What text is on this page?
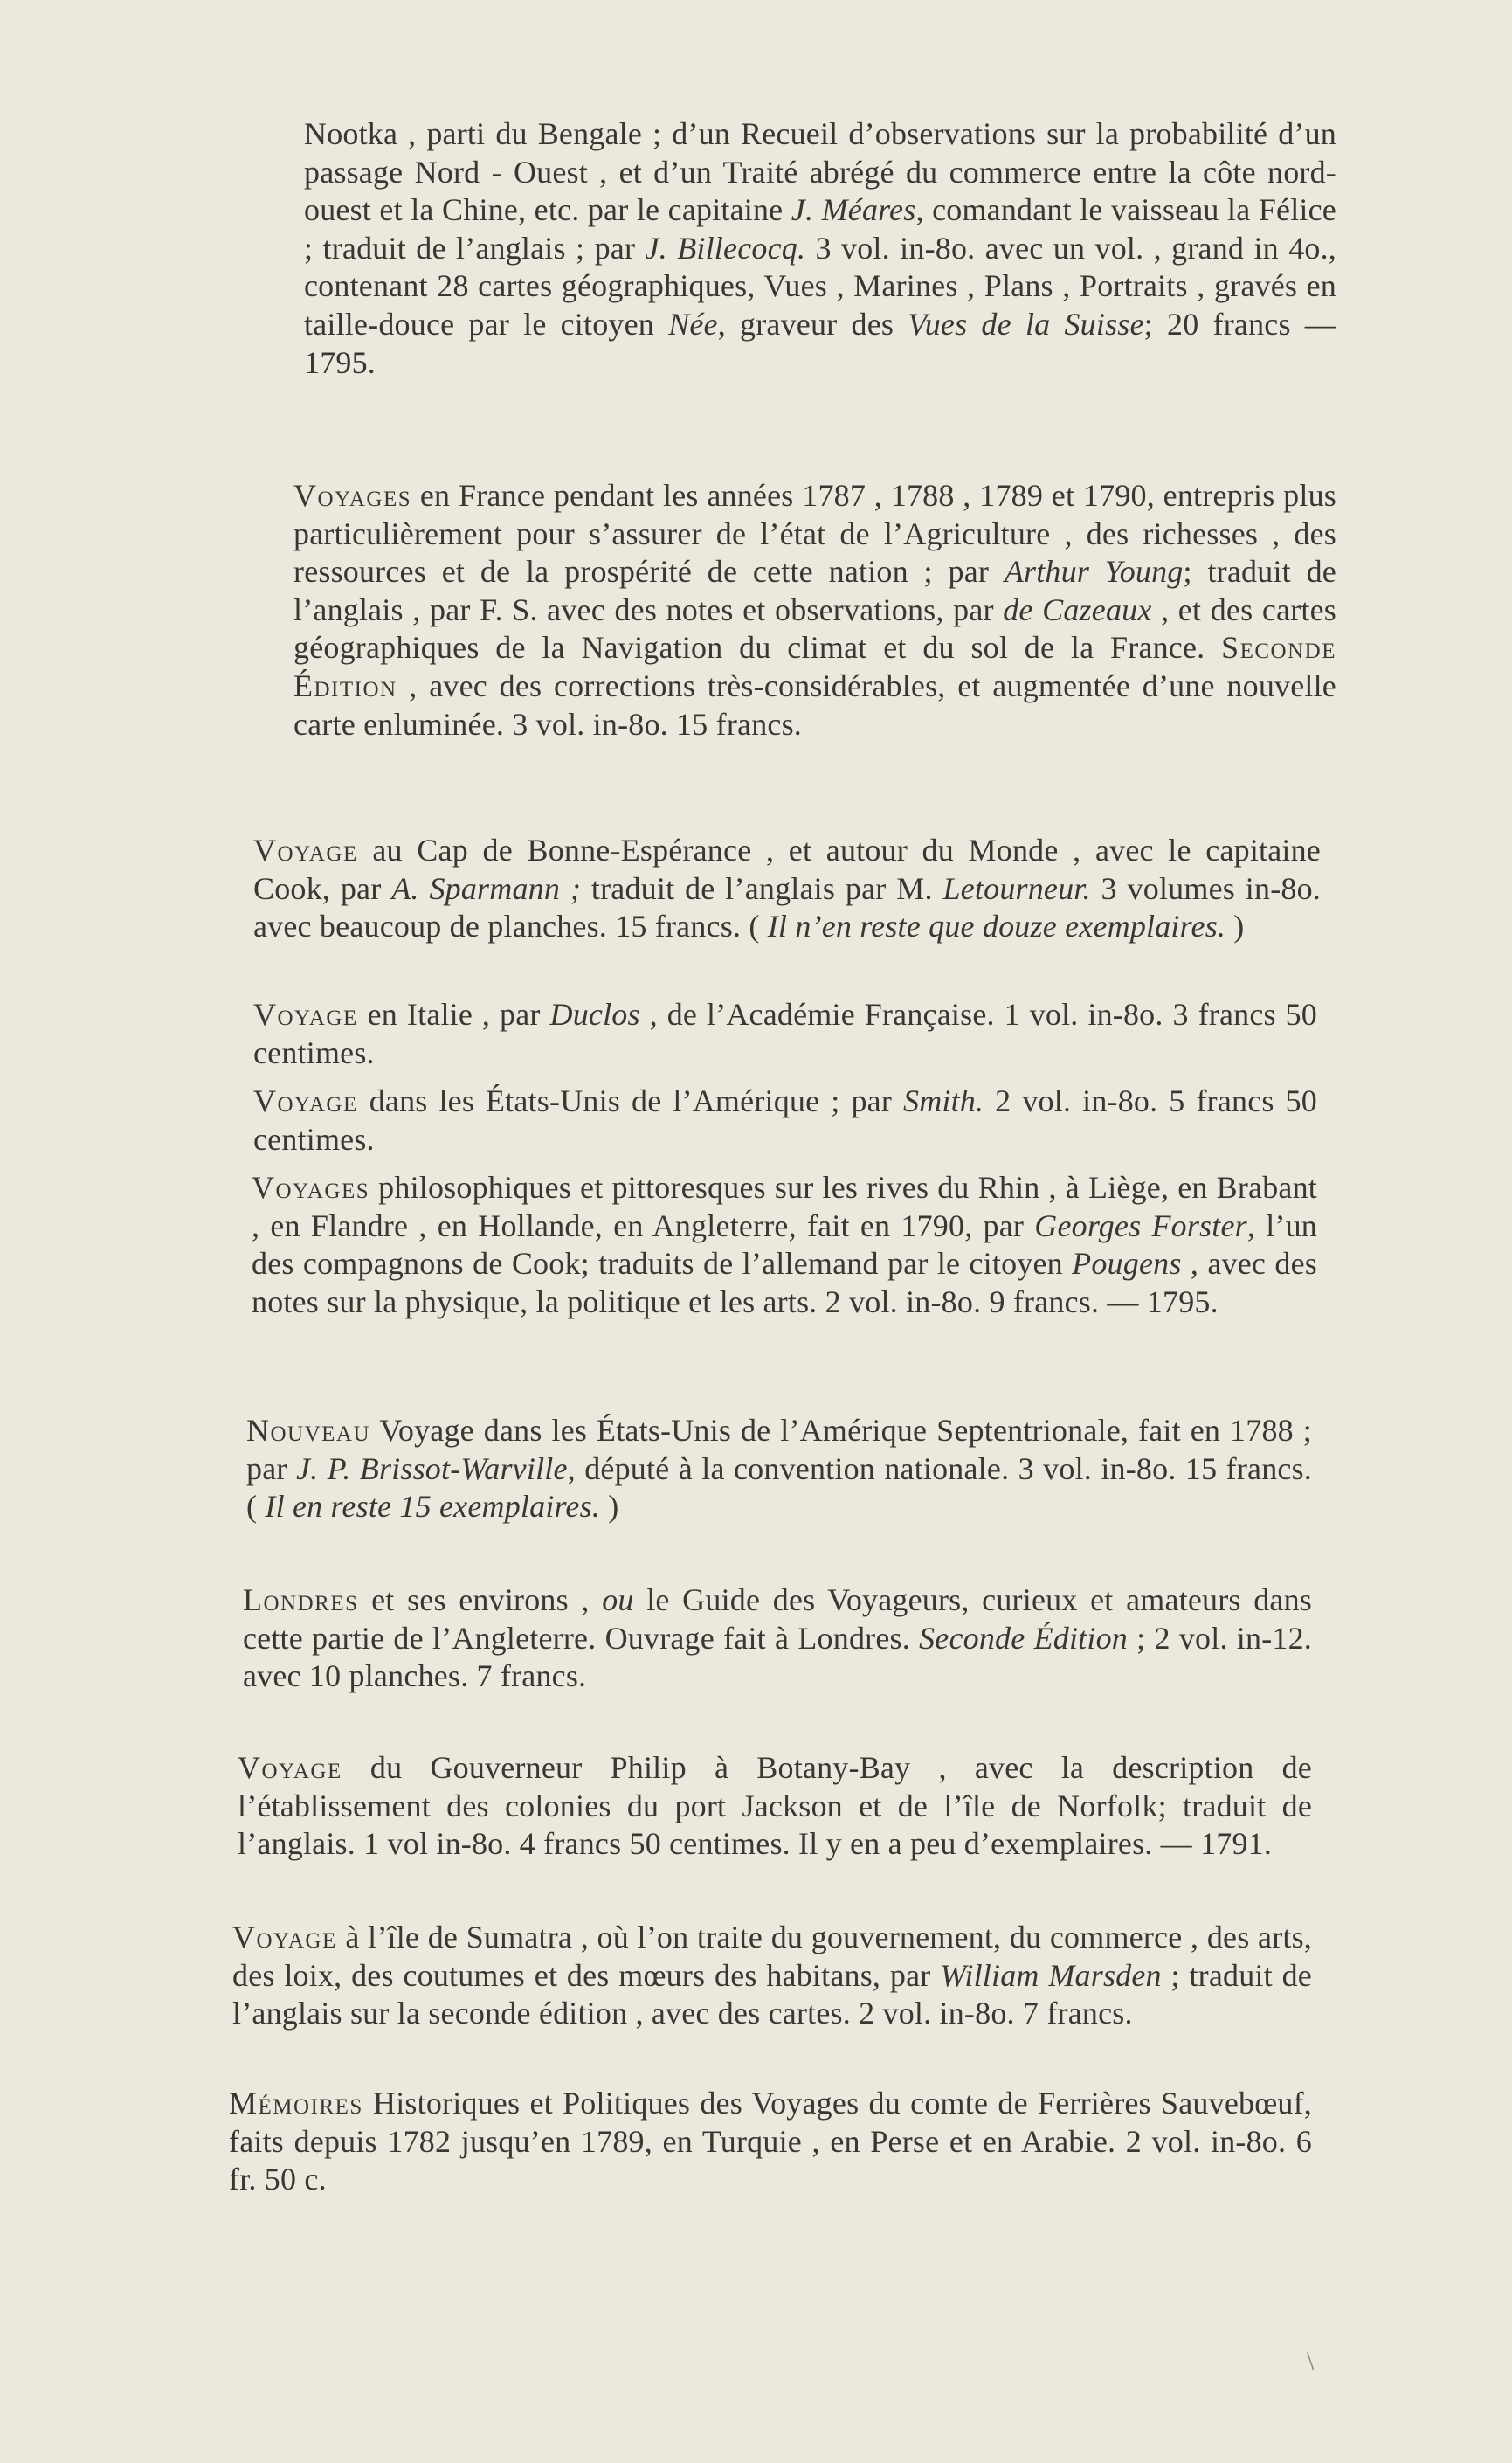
Nootka , parti du Bengale ; d’un Recueil d’observations sur la probabilité d’un passage Nord - Ouest , et d’un Traité abrégé du commerce entre la côte nord-ouest et la Chine, etc. par le capitaine J. Méares, comandant le vaisseau la Félice ; traduit de l’anglais ; par J. Billecocq. 3 vol. in-8o. avec un vol. , grand in 4o., contenant 28 cartes géographiques, Vues , Marines , Plans , Portraits , gravés en taille-douce par le citoyen Née, graveur des Vues de la Suisse; 20 francs — 1795.
Voyages en France pendant les années 1787 , 1788 , 1789 et 1790, entrepris plus particulièrement pour s’assurer de l’état de l’Agriculture , des richesses , des ressources et de la prospérité de cette nation ; par Arthur Young; traduit de l’anglais , par F. S. avec des notes et observations, par de Cazeaux , et des cartes géographiques de la Navigation du climat et du sol de la France. Seconde Édition , avec des corrections très-considérables, et augmentée d’une nouvelle carte enluminée. 3 vol. in-8o. 15 francs.
Voyage au Cap de Bonne-Espérance , et autour du Monde , avec le capitaine Cook, par A. Sparmann ; traduit de l’anglais par M. Letourneur. 3 volumes in-8o. avec beaucoup de planches. 15 francs. ( Il n’en reste que douze exemplaires. )
Voyage en Italie , par Duclos , de l’Académie Française. 1 vol. in-8o. 3 francs 50 centimes.
Voyage dans les États-Unis de l’Amérique ; par Smith. 2 vol. in-8o. 5 francs 50 centimes.
Voyages philosophiques et pittoresques sur les rives du Rhin , à Liège, en Brabant , en Flandre , en Hollande, en Angleterre, fait en 1790, par Georges Forster, l’un des compagnons de Cook; traduits de l’allemand par le citoyen Pougens , avec des notes sur la physique, la politique et les arts. 2 vol. in-8o. 9 francs. — 1795.
Nouveau Voyage dans les États-Unis de l’Amérique Septentrionale, fait en 1788 ; par J. P. Brissot-Warville, député à la convention nationale. 3 vol. in-8o. 15 francs. ( Il en reste 15 exemplaires. )
Londres et ses environs , ou le Guide des Voyageurs, curieux et amateurs dans cette partie de l’Angleterre. Ouvrage fait à Londres. Seconde Édition ; 2 vol. in-12. avec 10 planches. 7 francs.
Voyage du Gouverneur Philip à Botany-Bay , avec la description de l’établissement des colonies du port Jackson et de l’île de Norfolk; traduit de l’anglais. 1 vol in-8o. 4 francs 50 centimes. Il y en a peu d’exemplaires. — 1791.
Voyage à l’île de Sumatra , où l’on traite du gouvernement, du commerce , des arts, des loix, des coutumes et des mœurs des habitans, par William Marsden ; traduit de l’anglais sur la seconde édition , avec des cartes. 2 vol. in-8o. 7 francs.
Mémoires Historiques et Politiques des Voyages du comte de Ferrières Sauvebœuf, faits depuis 1782 jusqu’en 1789, en Turquie , en Perse et en Arabie. 2 vol. in-8o. 6 fr. 50 c.
\
